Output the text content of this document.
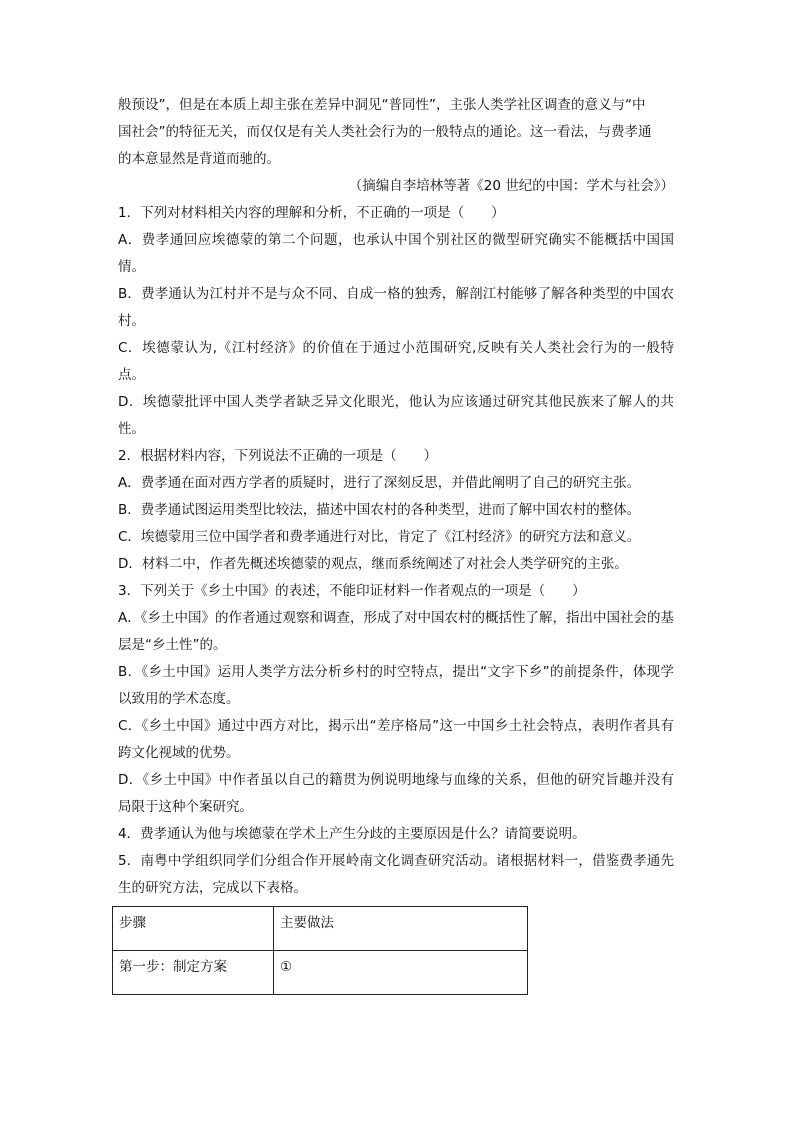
般预设”，但是在本质上却主张在差异中洞见“普同性”，主张人类学社区调查的意义与“中

国社会”的特征无关，而仅仅是有关人类社会行为的一般特点的通论。这一看法，与费孝通

的本意显然是背道而驰的。

（摘编自李培林等著《20 世纪的中国：学术与社会》）

1．下列对材料相关内容的理解和分析，不正确的一项是（　　）

A．费孝通回应埃德蒙的第二个问题，也承认中国个别社区的微型研究确实不能概括中国国情。

B．费孝通认为江村并不是与众不同、自成一格的独秀，解剖江村能够了解各种类型的中国农村。

C．埃德蒙认为,《江村经济》的价值在于通过小范围研究,反映有关人类社会行为的一般特点。

D．埃德蒙批评中国人类学者缺乏异文化眼光，他认为应该通过研究其他民族来了解人的共性。

2．根据材料内容，下列说法不正确的一项是（　　）

A．费孝通在面对西方学者的质疑时，进行了深刻反思，并借此阐明了自己的研究主张。

B．费孝通试图运用类型比较法，描述中国农村的各种类型，进而了解中国农村的整体。

C．埃德蒙用三位中国学者和费孝通进行对比，肯定了《江村经济》的研究方法和意义。

D．材料二中，作者先概述埃德蒙的观点，继而系统阐述了对社会人类学研究的主张。

3．下列关于《乡土中国》的表述，不能印证材料一作者观点的一项是（　　）

A．《乡土中国》的作者通过观察和调查，形成了对中国农村的概括性了解，指出中国社会的基层是“乡土性”的。

B．《乡土中国》运用人类学方法分析乡村的时空特点，提出“文字下乡”的前提条件，体现学以致用的学术态度。

C．《乡土中国》通过中西方对比，揭示出“差序格局”这一中国乡土社会特点，表明作者具有跨文化视域的优势。

D．《乡土中国》中作者虽以自己的籍贯为例说明地缘与血缘的关系，但他的研究旨趣并没有局限于这种个案研究。

4．费孝通认为他与埃德蒙在学术上产生分歧的主要原因是什么？请简要说明。

5．南粤中学组织同学们分组合作开展岭南文化调查研究活动。诸根据材料一，借鉴费孝通先生的研究方法，完成以下表格。

步骤	主要做法
第一步：制定方案	①
